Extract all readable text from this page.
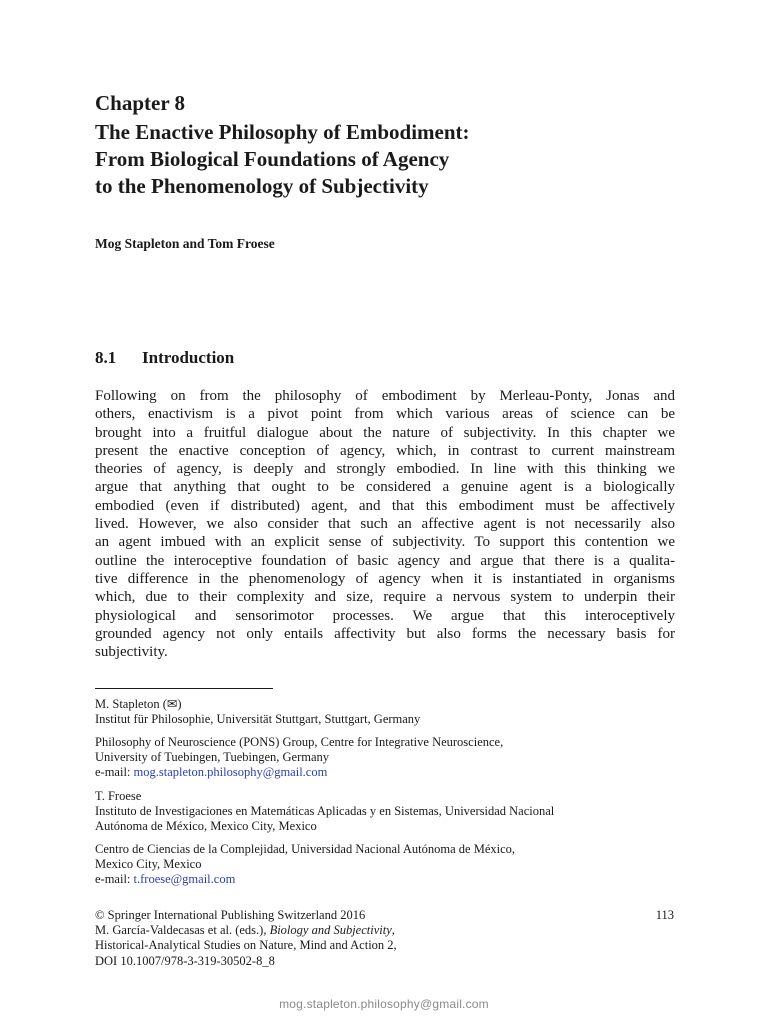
Chapter 8
The Enactive Philosophy of Embodiment:
From Biological Foundations of Agency
to the Phenomenology of Subjectivity
Mog Stapleton and Tom Froese
8.1 Introduction
Following on from the philosophy of embodiment by Merleau-Ponty, Jonas and
others, enactivism is a pivot point from which various areas of science can be
brought into a fruitful dialogue about the nature of subjectivity. In this chapter we
present the enactive conception of agency, which, in contrast to current mainstream
theories of agency, is deeply and strongly embodied. In line with this thinking we
argue that anything that ought to be considered a genuine agent is a biologically
embodied (even if distributed) agent, and that this embodiment must be affectively
lived. However, we also consider that such an affective agent is not necessarily also
an agent imbued with an explicit sense of subjectivity. To support this contention we
outline the interoceptive foundation of basic agency and argue that there is a qualita-
tive difference in the phenomenology of agency when it is instantiated in organisms
which, due to their complexity and size, require a nervous system to underpin their
physiological and sensorimotor processes. We argue that this interoceptively
grounded agency not only entails affectivity but also forms the necessary basis for
subjectivity.
M. Stapleton (✉)
Institut für Philosophie, Universität Stuttgart, Stuttgart, Germany
Philosophy of Neuroscience (PONS) Group, Centre for Integrative Neuroscience,
University of Tuebingen, Tuebingen, Germany
e-mail: mog.stapleton.philosophy@gmail.com
T. Froese
Instituto de Investigaciones en Matemáticas Aplicadas y en Sistemas, Universidad Nacional
Autónoma de México, Mexico City, Mexico
Centro de Ciencias de la Complejidad, Universidad Nacional Autónoma de México,
Mexico City, Mexico
e-mail: t.froese@gmail.com
© Springer International Publishing Switzerland 2016
M. García-Valdecasas et al. (eds.), Biology and Subjectivity,
Historical-Analytical Studies on Nature, Mind and Action 2,
DOI 10.1007/978-3-319-30502-8_8
113
mog.stapleton.philosophy@gmail.com
